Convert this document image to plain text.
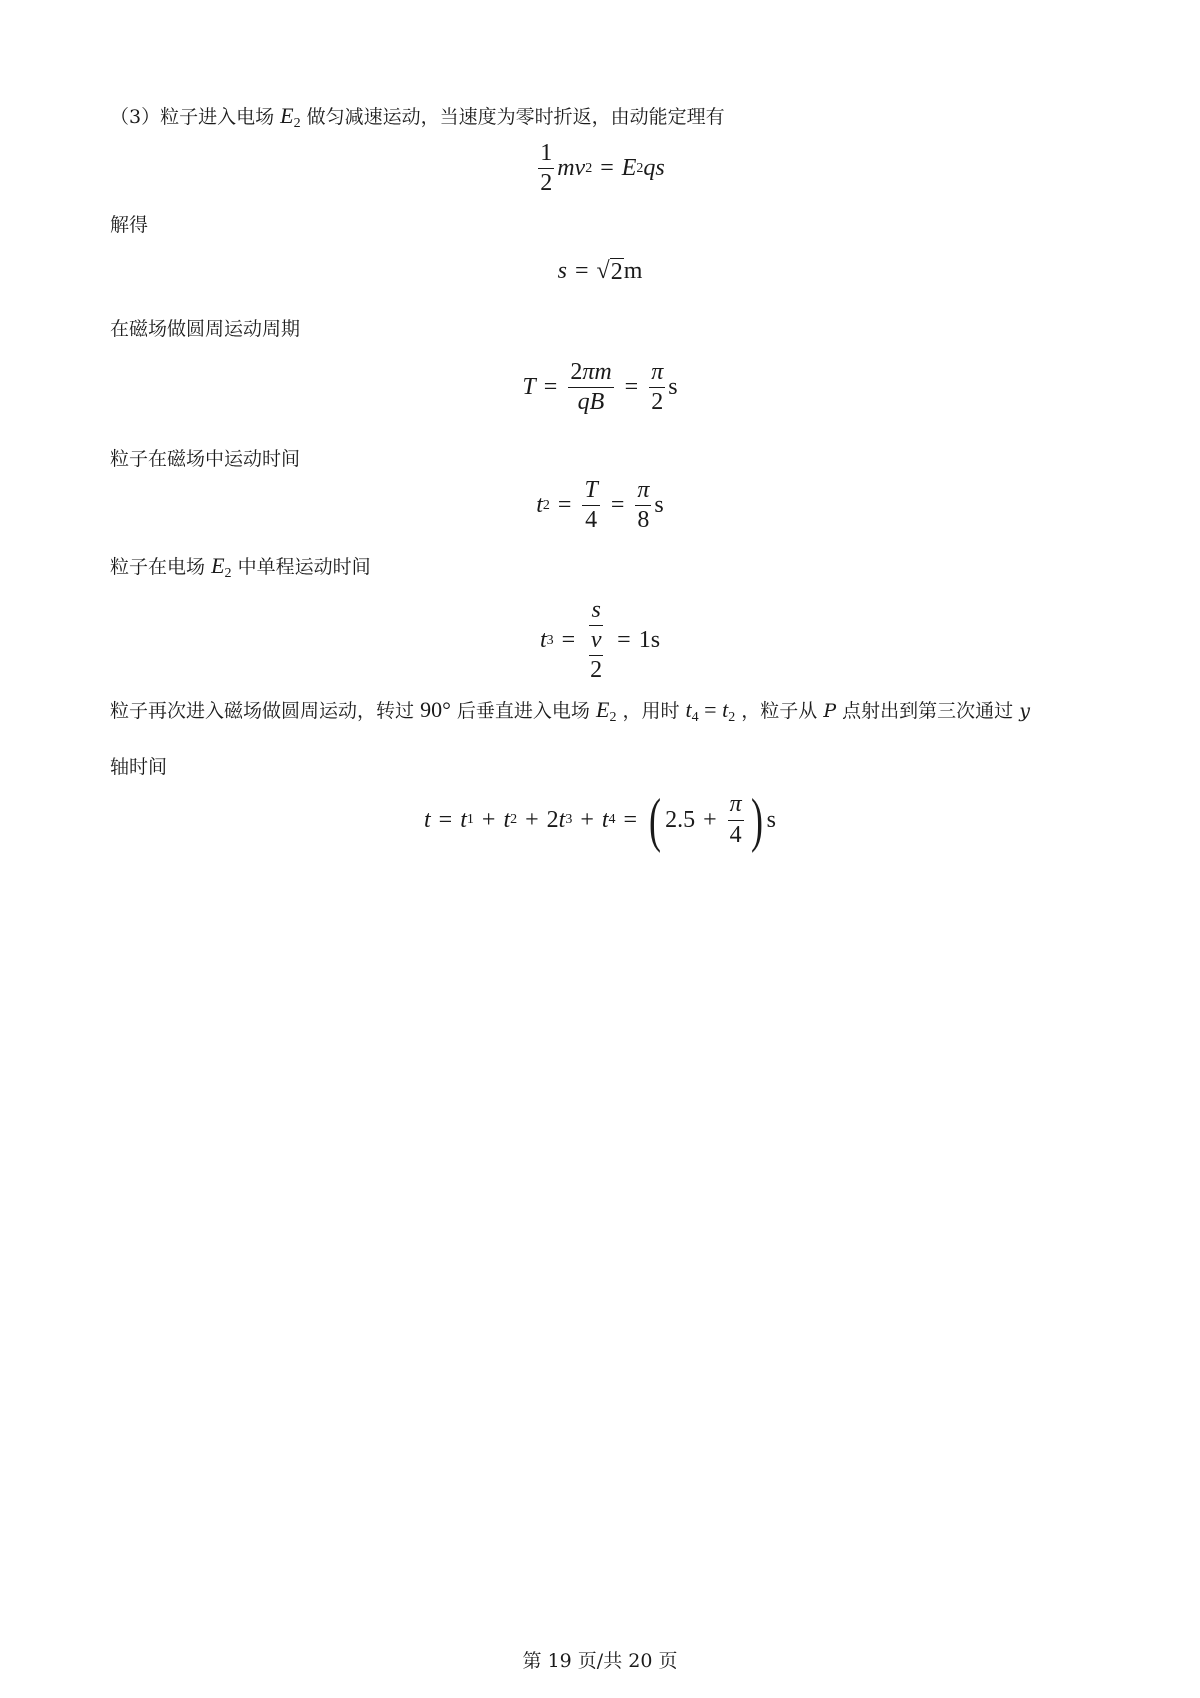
（3）粒子进入电场 $E_2$ 做匀减速运动，当速度为零时折返，由动能定理有
$\frac{1}{2}$ mv 2 = E 2 qs
解得
s = √ 2 m
在磁场做圆周运动周期
$T = \frac{2\pi m}{qB} = \frac{\pi}{2}$ s
粒子在磁场中运动时间
t $2 = \frac{T}{4} = \frac{\pi}{8}$ s
粒子在电场 $E_2$ 中单程运动时间
t $3 = \frac{s}{\frac{v}{2}} = 1s$
粒子再次进入磁场做圆周运动，转过 90° 后垂直进入电场 $E_2$ ，用时 $t_4 = t_2$ ，粒子从 P 点射出到第三次通过 y
轴时间
t = t 1 + t 2 + 2 t 3 + t 4 = ( $2.5 + \frac{\pi}{4}$ ) s
第 19 页/共 20 页
